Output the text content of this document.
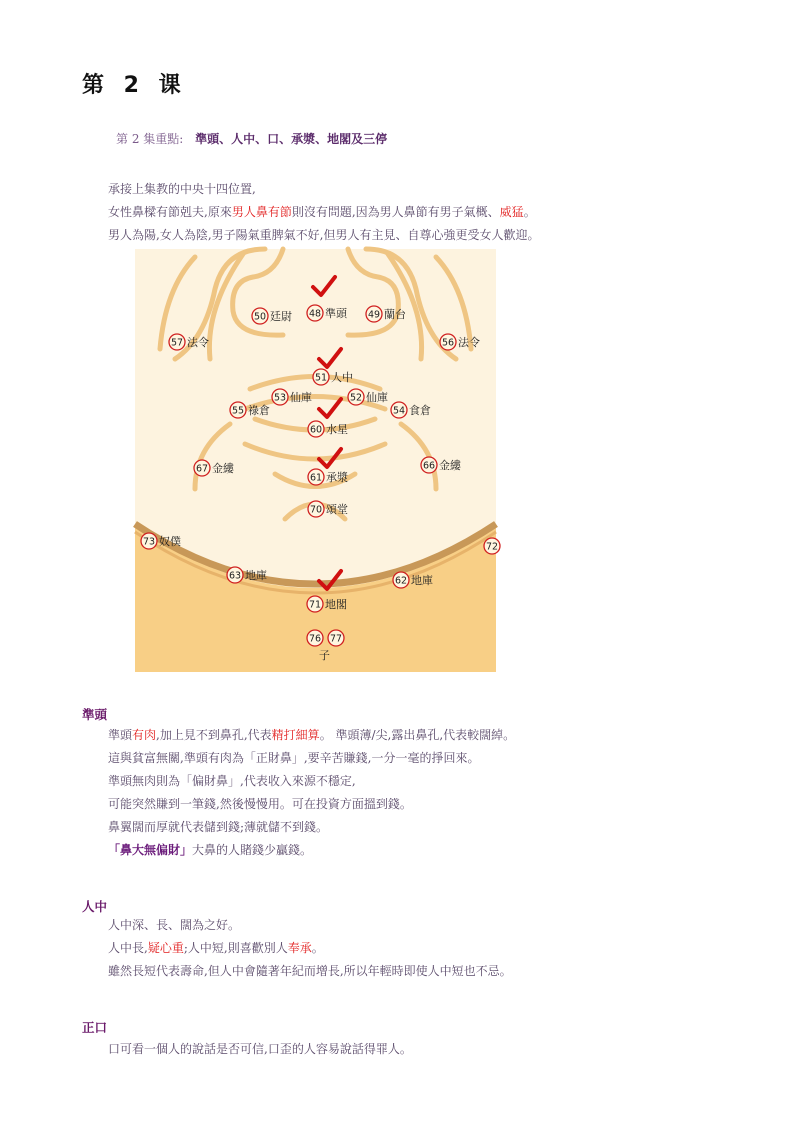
第 2 课
第 2 集重點: 準頭、人中、口、承漿、地閣及三停

承接上集教的中央十四位置,

女性鼻樑有節剋夫,原來男人鼻有節則沒有問題,因為男人鼻節有男子氣概、威猛。

男人為陽,女人為陰,男子陽氣重脾氣不好,但男人有主見、自尊心強更受女人歡迎。

48 準頭 49 蘭台
50 廷尉
51 人中
52 仙庫
53 仙庫
54 食倉
55 祿倉
56 法令
57 法令
60 水星
61 承漿
62 地庫
63 地庫
66 金縷
67 金縷
70 頌堂
71 地閣
72
73 奴僕
76 77
子
準頭

準頭有肉,加上見不到鼻孔,代表精打細算。 準頭薄/尖,露出鼻孔,代表較闊綽。

這與貧富無關,準頭有肉為「正財鼻」,要辛苦賺錢,一分一毫的掙回來。

準頭無肉則為「偏財鼻」,代表收入來源不穩定,

可能突然賺到一筆錢,然後慢慢用。可在投資方面搵到錢。

鼻翼闊而厚就代表儲到錢;薄就儲不到錢。

「鼻大無偏財」大鼻的人賭錢少贏錢。

人中

人中深、長、闊為之好。

人中長,疑心重;人中短,則喜歡別人奉承。

雖然長短代表壽命,但人中會隨著年紀而增長,所以年輕時即使人中短也不忌。

正口

口可看一個人的說話是否可信,口歪的人容易說話得罪人。
